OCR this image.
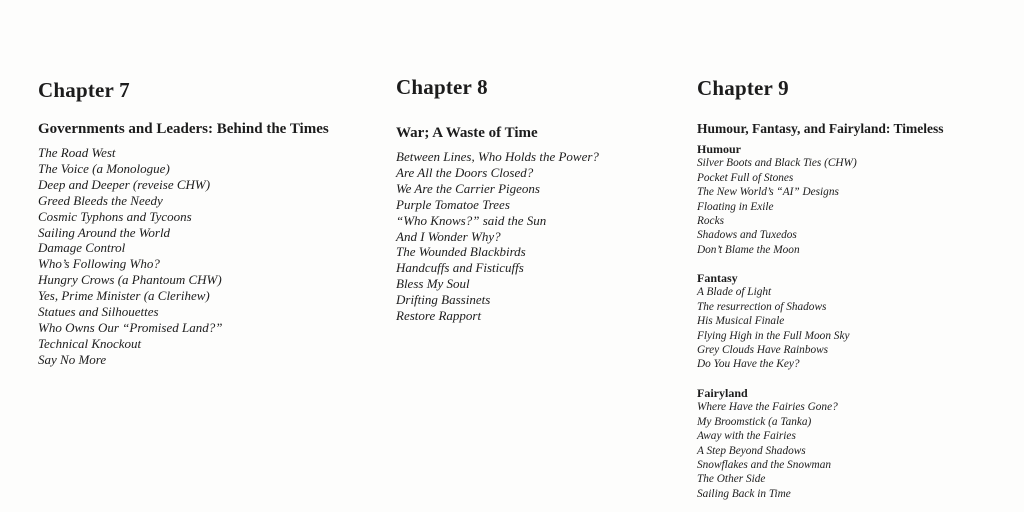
Chapter 7
Governments and Leaders: Behind the Times
The Road West
The Voice (a Monologue)
Deep and Deeper (reveise CHW)
Greed Bleeds the Needy
Cosmic Typhons and Tycoons
Sailing Around the World
Damage Control
Who’s Following Who?
Hungry Crows (a Phantoum CHW)
Yes, Prime Minister (a Clerihew)
Statues and Silhouettes
Who Owns Our “Promised Land?”
Technical Knockout
Say No More
Chapter 8
War; A Waste of Time
Between Lines, Who Holds the Power?
Are All the Doors Closed?
We Are the Carrier Pigeons
Purple Tomatoe Trees
“Who Knows?” said the Sun
And I Wonder Why?
The Wounded Blackbirds
Handcuffs and Fisticuffs
Bless My Soul
Drifting Bassinets
Restore Rapport
Chapter 9
Humour, Fantasy, and Fairyland: Timeless
Humour
Silver Boots and Black Ties (CHW)
Pocket Full of Stones
The New World’s “AI” Designs
Floating in Exile
Rocks
Shadows and Tuxedos
Don’t Blame the Moon
Fantasy
A Blade of Light
The resurrection of Shadows
His Musical Finale
Flying High in the Full Moon Sky
Grey Clouds Have Rainbows
Do You Have the Key?
Fairyland
Where Have the Fairies Gone?
My Broomstick (a Tanka)
Away with the Fairies
A Step Beyond Shadows
Snowflakes and the Snowman
The Other Side
Sailing Back in Time
